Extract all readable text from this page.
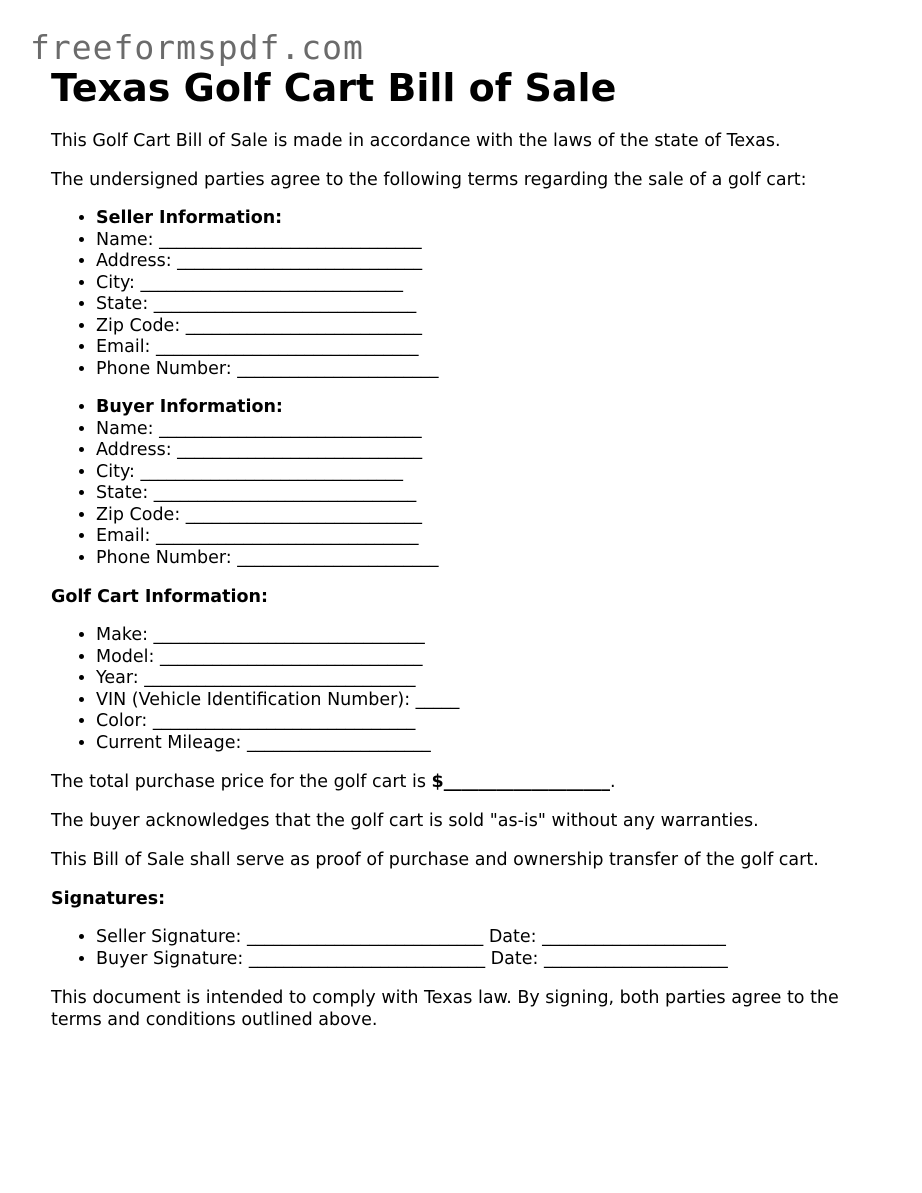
freeformspdf.com
Texas Golf Cart Bill of Sale

This Golf Cart Bill of Sale is made in accordance with the laws of the state of Texas.

The undersigned parties agree to the following terms regarding the sale of a golf cart:

• Seller Information:
• Name: ______________________________
• Address: ____________________________
• City: ______________________________
• State: ______________________________
• Zip Code: ___________________________
• Email: ______________________________
• Phone Number: _______________________
• Buyer Information:
• Name: ______________________________
• Address: ____________________________
• City: ______________________________
• State: ______________________________
• Zip Code: ___________________________
• Email: ______________________________
• Phone Number: _______________________
Golf Cart Information:
• Make: _______________________________
• Model: ______________________________
• Year: _______________________________
• VIN (Vehicle Identification Number): _____
• Color: ______________________________
• Current Mileage: _____________________

The total purchase price for the golf cart is $___________________.

The buyer acknowledges that the golf cart is sold "as-is" without any warranties.

This Bill of Sale shall serve as proof of purchase and ownership transfer of the golf cart.

Signatures:
• Seller Signature: ___________________________ Date: _____________________
• Buyer Signature: ___________________________ Date: _____________________

This document is intended to comply with Texas law. By signing, both parties agree to the terms and conditions outlined above.
